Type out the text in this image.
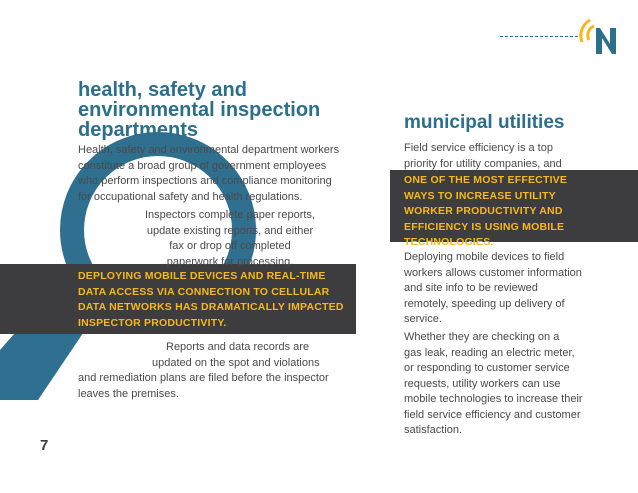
health, safety and
environmental inspection
departments
Health, safety and environmental department workers
constitute a broad group of government employees
who perform inspections and compliance monitoring
for occupational safety and health regulations.
Inspectors complete paper reports,
update existing reports, and either
fax or drop off completed
paperwork for processing.
DEPLOYING MOBILE DEVICES AND REAL-TIME
DATA ACCESS VIA CONNECTION TO CELLULAR
DATA NETWORKS HAS DRAMATICALLY IMPACTED
INSPECTOR PRODUCTIVITY.
Reports and data records are
updated on the spot and violations
and remediation plans are filed before the inspector
leaves the premises.
municipal utilities
Field service efficiency is a top
priority for utility companies, and
ONE OF THE MOST EFFECTIVE
WAYS TO INCREASE UTILITY
WORKER PRODUCTIVITY AND
EFFICIENCY IS USING MOBILE
TECHNOLOGIES.
Deploying mobile devices to field
workers allows customer information
and site info to be reviewed
remotely, speeding up delivery of
service.
Whether they are checking on a
gas leak, reading an electric meter,
or responding to customer service
requests, utility workers can use
mobile technologies to increase their
field service efficiency and customer
satisfaction.
7
